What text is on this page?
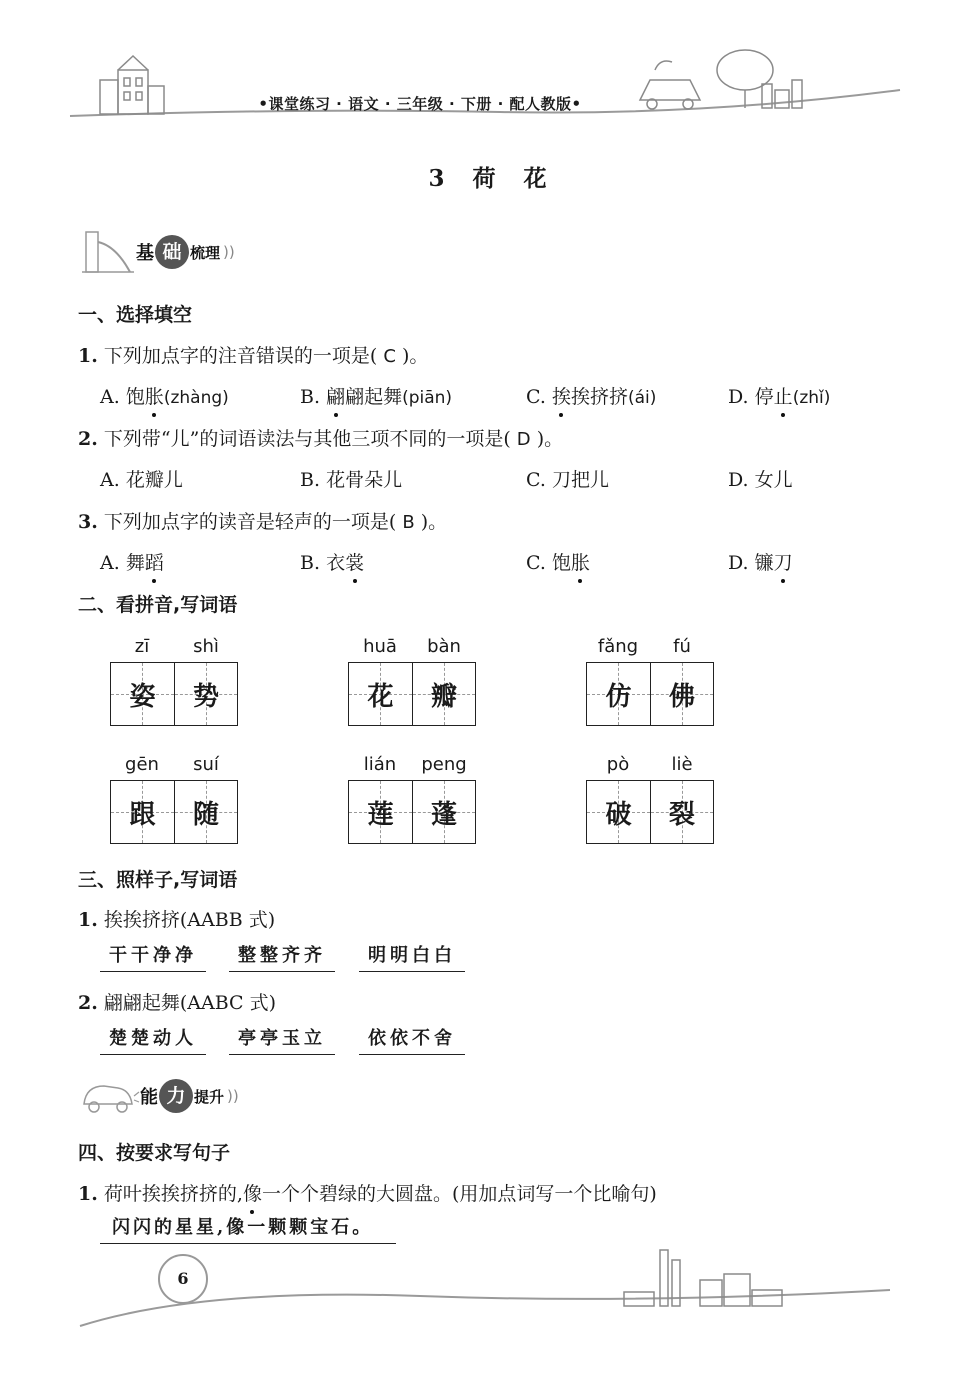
•课堂练习 · 语文 · 三年级 · 下册 · 配人教版•
3 荷 花
基 础 梳理 ))
一、选择填空
1. 下列加点字的注音错误的一项是( C )。
A. 饱胀(zhàng)	B. 翩翩起舞(piān)	C. 挨挨挤挤(ái)	D. 停止(zhǐ)
2. 下列带“儿”的词语读法与其他三项不同的一项是( D )。
A. 花瓣儿	B. 花骨朵儿	C. 刀把儿	D. 女儿
3. 下列加点字的读音是轻声的一项是( B )。
A. 舞蹈	B. 衣裳	C. 饱胀	D. 镰刀
二、看拼音,写词语
zī	shì
姿 势
huā	bàn
花 瓣
fǎng	fú
仿 佛
gēn	suí
跟 随
lián	peng
莲 蓬
pò	liè
破 裂
三、照样子,写词语
1. 挨挨挤挤(AABB 式)
干干净净	整整齐齐	明明白白
2. 翩翩起舞(AABC 式)
楚楚动人	亭亭玉立	依依不舍
能 力 提升 ))
四、按要求写句子
1. 荷叶挨挨挤挤的,像一个个碧绿的大圆盘。(用加点词写一个比喻句)
闪闪的星星,像一颗颗宝石。
6
